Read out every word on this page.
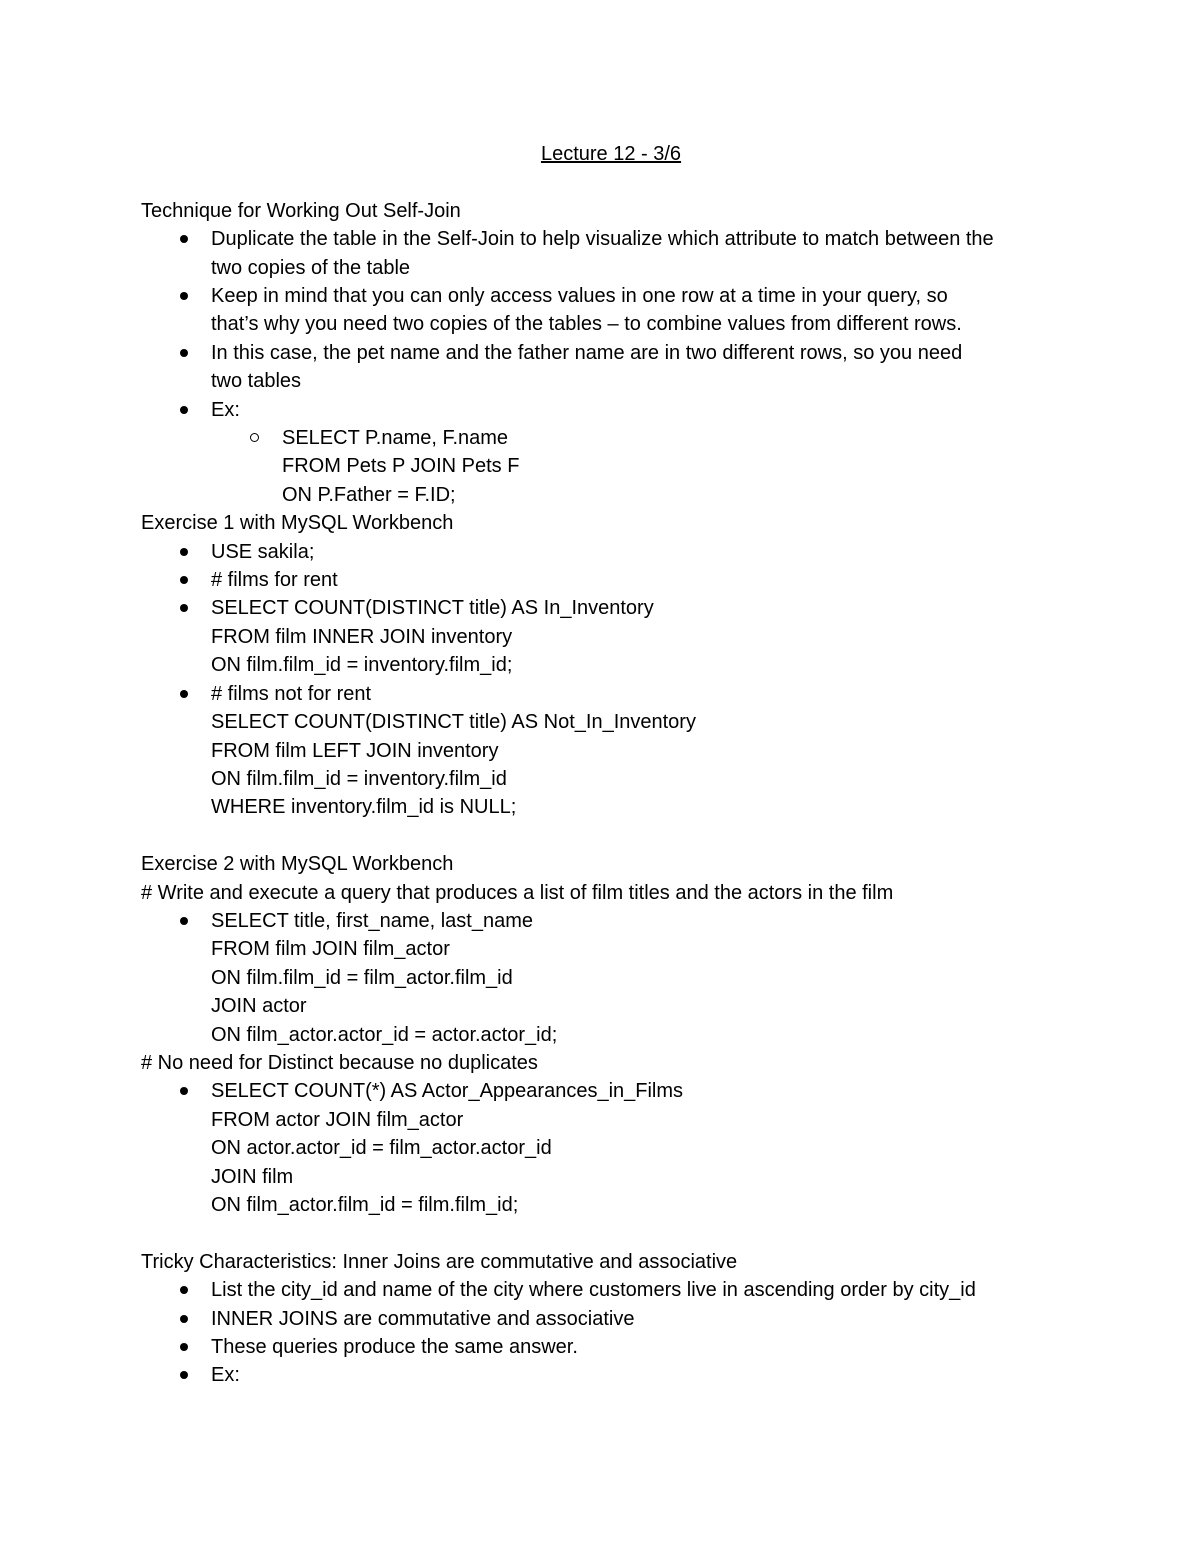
Lecture 12 - 3/6

Technique for Working Out Self-Join

Duplicate the table in the Self-Join to help visualize which attribute to match between the
two copies of the table
Keep in mind that you can only access values in one row at a time in your query, so
that’s why you need two copies of the tables – to combine values from different rows.
In this case, the pet name and the father name are in two different rows, so you need
two tables
Ex:
SELECT P.name, F.name
FROM Pets P JOIN Pets F
ON P.Father = F.ID;

Exercise 1 with MySQL Workbench

USE sakila;
# films for rent
SELECT COUNT(DISTINCT title) AS In_Inventory
FROM film INNER JOIN inventory
ON film.film_id = inventory.film_id;
# films not for rent
SELECT COUNT(DISTINCT title) AS Not_In_Inventory
FROM film LEFT JOIN inventory
ON film.film_id = inventory.film_id
WHERE inventory.film_id is NULL;

Exercise 2 with MySQL Workbench

# Write and execute a query that produces a list of film titles and the actors in the film

SELECT title, first_name, last_name
FROM film JOIN film_actor
ON film.film_id = film_actor.film_id
JOIN actor
ON film_actor.actor_id = actor.actor_id;

# No need for Distinct because no duplicates

SELECT COUNT(*) AS Actor_Appearances_in_Films
FROM actor JOIN film_actor
ON actor.actor_id = film_actor.actor_id
JOIN film
ON film_actor.film_id = film.film_id;

Tricky Characteristics: Inner Joins are commutative and associative

List the city_id and name of the city where customers live in ascending order by city_id
INNER JOINS are commutative and associative
These queries produce the same answer.
Ex:
